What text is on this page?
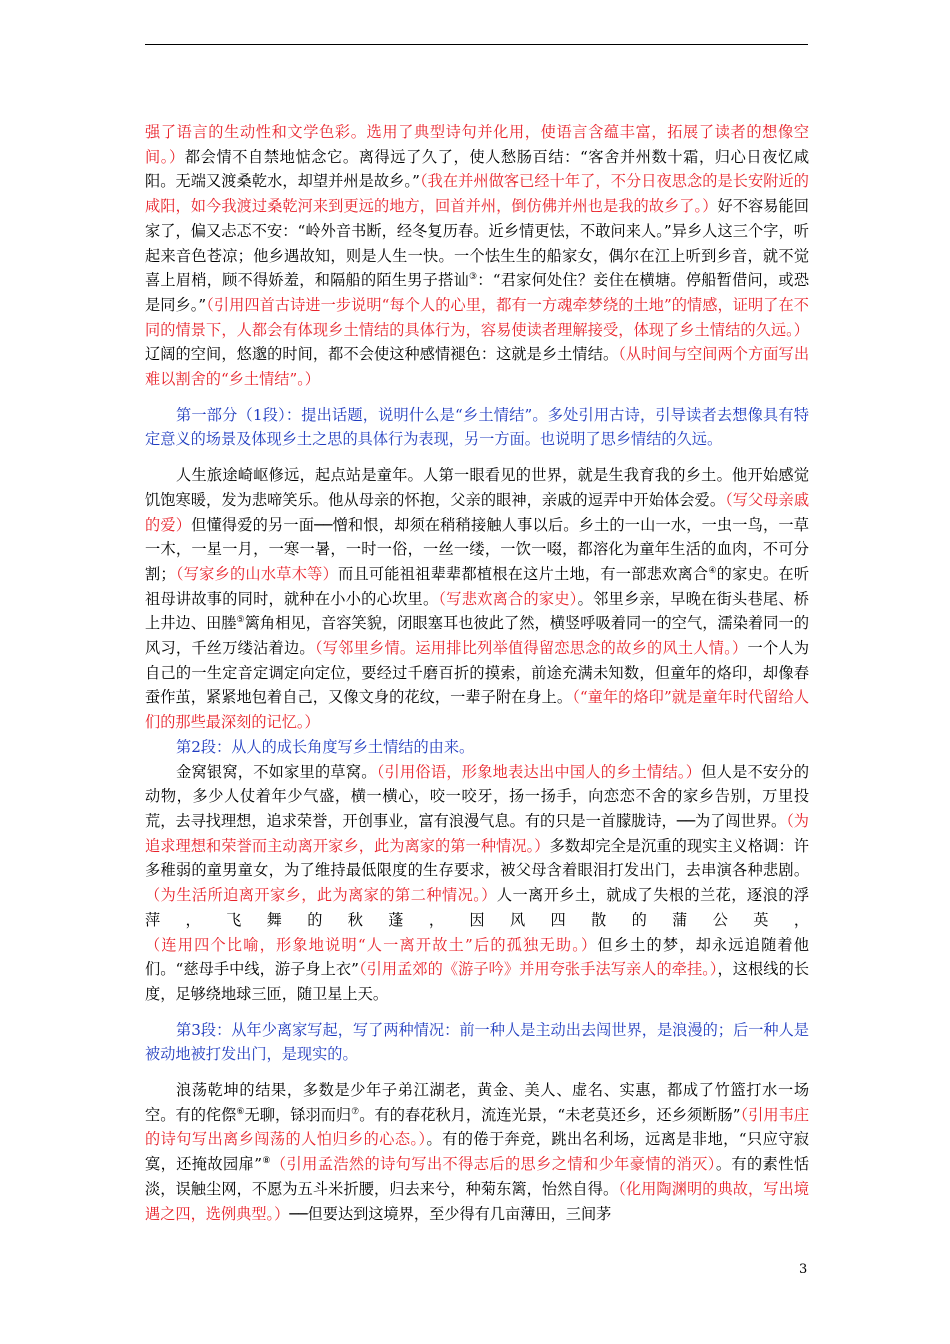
强了语言的生动性和文学色彩。选用了典型诗句并化用，使语言含蕴丰富，拓展了读者的想像空间。）都会情不自禁地惦念它。离得远了久了，使人愁肠百结：“客舍并州数十霜，归心日夜忆咸阳。无端又渡桑乾水，却望并州是故乡。”（我在并州做客已经十年了，不分日夜思念的是长安附近的咸阳，如今我渡过桑乾河来到更远的地方，回首并州，倒仿佛并州也是我的故乡了。）好不容易能回家了，偏又忐忑不安：“岭外音书断，经冬复历春。近乡情更怯，不敢问来人。”异乡人这三个字，听起来音色苍凉；他乡遇故知，则是人生一快。一个怯生生的船家女，偶尔在江上听到乡音，就不觉喜上眉梢，顾不得娇羞，和隔船的陌生男子搭讪③：“君家何处住？妾住在横塘。停船暂借问，或恐是同乡。”（引用四首古诗进一步说明“每个人的心里，都有一方魂牵梦绕的土地”的情感，证明了在不同的情景下，人都会有体现乡土情结的具体行为，容易使读者理解接受，体现了乡土情结的久远。）辽阔的空间，悠邈的时间，都不会使这种感情褪色：这就是乡土情结。（从时间与空间两个方面写出难以割舍的“乡土情结”。）

第一部分（1段）：提出话题，说明什么是“乡土情结”。多处引用古诗，引导读者去想像具有特定意义的场景及体现乡土之思的具体行为表现，另一方面。也说明了思乡情结的久远。

人生旅途崎岖修远，起点站是童年。人第一眼看见的世界，就是生我育我的乡土。他开始感觉饥饱寒暖，发为悲啼笑乐。他从母亲的怀抱，父亲的眼神，亲戚的逗弄中开始体会爱。（写父母亲戚的爱）但懂得爱的另一面──憎和恨，却须在稍稍接触人事以后。乡土的一山一水，一虫一鸟，一草一木，一星一月，一寒一暑，一时一俗，一丝一缕，一饮一啜，都溶化为童年生活的血肉，不可分割；（写家乡的山水草木等）而且可能祖祖辈辈都植根在这片土地，有一部悲欢离合④的家史。在听祖母讲故事的同时，就种在小小的心坎里。（写悲欢离合的家史）。邻里乡亲，早晚在街头巷尾、桥上井边、田塍⑤篱角相见，音容笑貌，闭眼塞耳也彼此了然，横竖呼吸着同一的空气，濡染着同一的风习，千丝万缕沾着边。（写邻里乡情。运用排比列举值得留恋思念的故乡的风土人情。）一个人为自己的一生定音定调定向定位，要经过千磨百折的摸索，前途充满未知数，但童年的烙印，却像春蚕作茧，紧紧地包着自己，又像文身的花纹，一辈子附在身上。（“童年的烙印”就是童年时代留给人们的那些最深刻的记忆。）

第2段：从人的成长角度写乡土情结的由来。

金窝银窝，不如家里的草窝。（引用俗语，形象地表达出中国人的乡土情结。）但人是不安分的动物，多少人仗着年少气盛，横一横心，咬一咬牙，扬一扬手，向恋恋不舍的家乡告别，万里投荒，去寻找理想，追求荣誉，开创事业，富有浪漫气息。有的只是一首朦胧诗，──为了闯世界。（为追求理想和荣誉而主动离开家乡，此为离家的第一种情况。）多数却完全是沉重的现实主义格调：许多稚弱的童男童女，为了维持最低限度的生存要求，被父母含着眼泪打发出门，去串演各种悲剧。（为生活所迫离开家乡，此为离家的第二种情况。）人一离开乡土，就成了失根的兰花，逐浪的浮萍，飞舞的秋蓬，因风四散的蒲公英，（连用四个比喻，形象地说明“人一离开故土”后的孤独无助。）但乡土的梦，却永远追随着他们。“慈母手中线，游子身上衣”（引用孟郊的《游子吟》并用夸张手法写亲人的牵挂。），这根线的长度，足够绕地球三匝，随卫星上天。

第3段：从年少离家写起，写了两种情况：前一种人是主动出去闯世界，是浪漫的；后一种人是被动地被打发出门，是现实的。

浪荡乾坤的结果，多数是少年子弟江湖老，黄金、美人、虚名、实惠，都成了竹篮打水一场空。有的侘傺⑥无聊，铩羽而归⑦。有的春花秋月，流连光景，“未老莫还乡，还乡须断肠”（引用韦庄的诗句写出离乡闯荡的人怕归乡的心态。）。有的倦于奔竞，跳出名利场，远离是非地，“只应守寂寞，还掩故园扉”⑧（引用孟浩然的诗句写出不得志后的思乡之情和少年豪情的消灭）。有的素性恬淡，误触尘网，不愿为五斗米折腰，归去来兮，种菊东篱，怡然自得。（化用陶渊明的典故，写出境遇之四，选例典型。）──但要达到这境界，至少得有几亩薄田，三间茅

3
